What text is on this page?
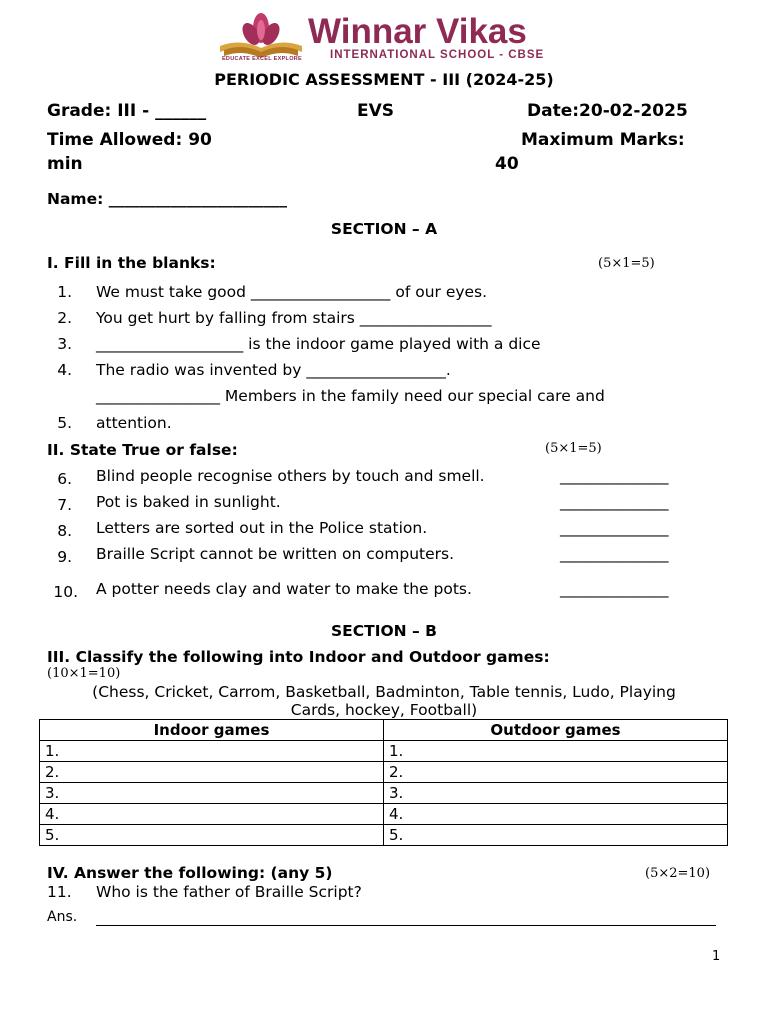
EDUCATE EXCEL EXPLORE
Winnar Vikas
INTERNATIONAL SCHOOL - CBSE
PERIODIC ASSESSMENT - III (2024-25)
Grade: III - ______	EVS	Date:20-02-2025
Time Allowed: 90
min
Maximum Marks:
40
Name: _______________________
SECTION – A
I. Fill in the blanks:	(5×1=5)
1. We must take good __________________ of our eyes.
2. You get hurt by falling from stairs _________________
3. ___________________ is the indoor game played with a dice
4. The radio was invented by __________________.
________________ Members in the family need our special care and
5. attention.
II. State True or false:	(5×1=5)
6. Blind people recognise others by touch and smell.	______________
7. Pot is baked in sunlight.	______________
8. Letters are sorted out in the Police station.	______________
9. Braille Script cannot be written on computers.	______________
10. A potter needs clay and water to make the pots.	______________
SECTION – B
III. Classify the following into Indoor and Outdoor games:
(10×1=10)
(Chess, Cricket, Carrom, Basketball, Badminton, Table tennis, Ludo, Playing
Cards, hockey, Football)
Indoor games	Outdoor games
1.	1.
2.	2.
3.	3.
4.	4.
5.	5.
IV. Answer the following: (any 5)	(5×2=10)
11. Who is the father of Braille Script?
Ans.
1
